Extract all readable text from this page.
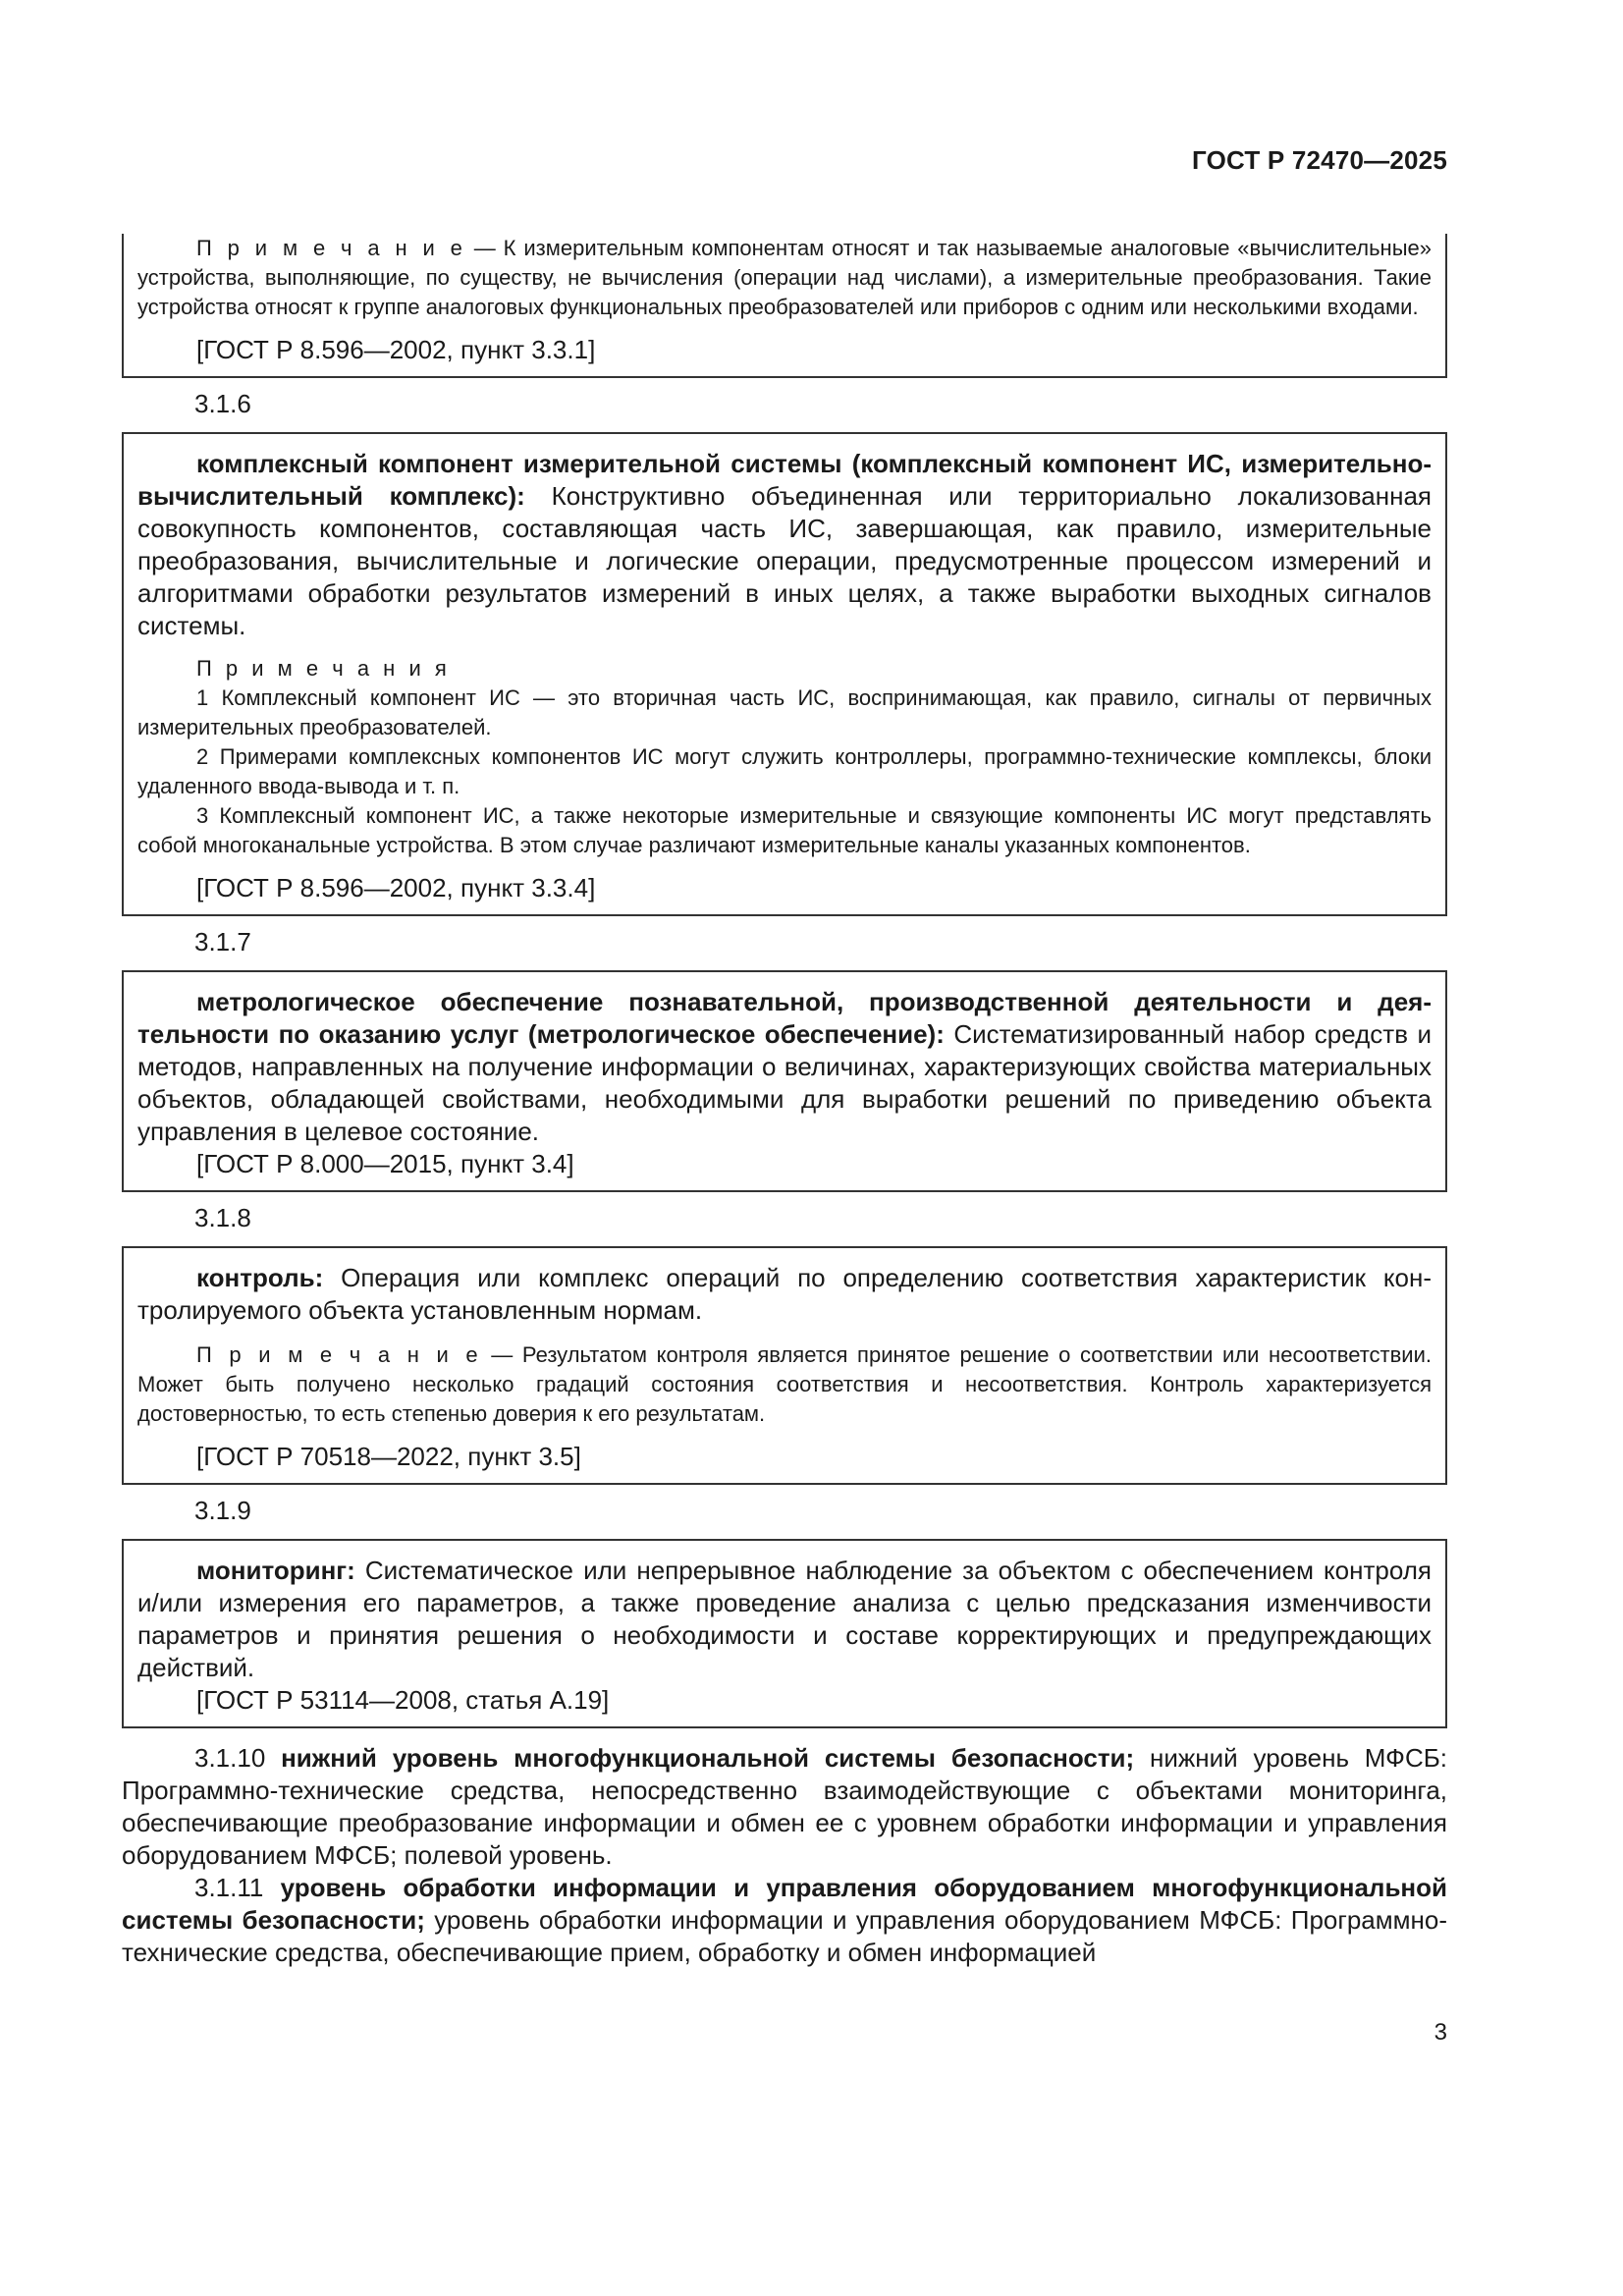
ГОСТ Р 72470—2025

П р и м е ч а н и е — К измерительным компонентам относят и так называемые аналоговые «вычислительные» устройства, выполняющие, по существу, не вычисления (операции над числами), а измерительные преобразования. Такие устройства относят к группе аналоговых функциональных преобразователей или приборов с одним или несколькими входами.

[ГОСТ Р 8.596—2002, пункт 3.3.1]
3.1.6

комплексный компонент измерительной системы (комплексный компонент ИС, измерительно-вычислительный комплекс): Конструктивно объединенная или территориально локализованная совокупность компонентов, составляющая часть ИС, завершающая, как правило, измерительные преобразования, вычислительные и логические операции, предусмотренные процессом измерений и алгоритмами обработки результатов измерений в иных целях, а также выработки выходных сигналов системы.

П р и м е ч а н и я

1 Комплексный компонент ИС — это вторичная часть ИС, воспринимающая, как правило, сигналы от первичных измерительных преобразователей.

2 Примерами комплексных компонентов ИС могут служить контроллеры, программно-технические комплексы, блоки удаленного ввода-вывода и т. п.

3 Комплексный компонент ИС, а также некоторые измерительные и связующие компоненты ИС могут представлять собой многоканальные устройства. В этом случае различают измерительные каналы указанных компонентов.

[ГОСТ Р 8.596—2002, пункт 3.3.4]
3.1.7

метрологическое обеспечение познавательной, производственной деятельности и деятельности по оказанию услуг (метрологическое обеспечение): Систематизированный набор средств и методов, направленных на получение информации о величинах, характеризующих свойства материальных объектов, обладающей свойствами, необходимыми для выработки решений по приведению объекта управления в целевое состояние.

[ГОСТ Р 8.000—2015, пункт 3.4]
3.1.8

контроль: Операция или комплекс операций по определению соответствия характеристик контролируемого объекта установленным нормам.

П р и м е ч а н и е — Результатом контроля является принятое решение о соответствии или несоответствии. Может быть получено несколько градаций состояния соответствия и несоответствия. Контроль характеризуется достоверностью, то есть степенью доверия к его результатам.

[ГОСТ Р 70518—2022, пункт 3.5]
3.1.9

мониторинг: Систематическое или непрерывное наблюдение за объектом с обеспечением контроля и/или измерения его параметров, а также проведение анализа с целью предсказания изменчивости параметров и принятия решения о необходимости и составе корректирующих и предупреждающих действий.

[ГОСТ Р 53114—2008, статья А.19]

3.1.10 нижний уровень многофункциональной системы безопасности; нижний уровень МФСБ: Программно-технические средства, непосредственно взаимодействующие с объектами мониторинга, обеспечивающие преобразование информации и обмен ее с уровнем обработки информации и управления оборудованием МФСБ; полевой уровень.

3.1.11 уровень обработки информации и управления оборудованием многофункциональной системы безопасности; уровень обработки информации и управления оборудованием МФСБ: Программно-технические средства, обеспечивающие прием, обработку и обмен информацией

3
